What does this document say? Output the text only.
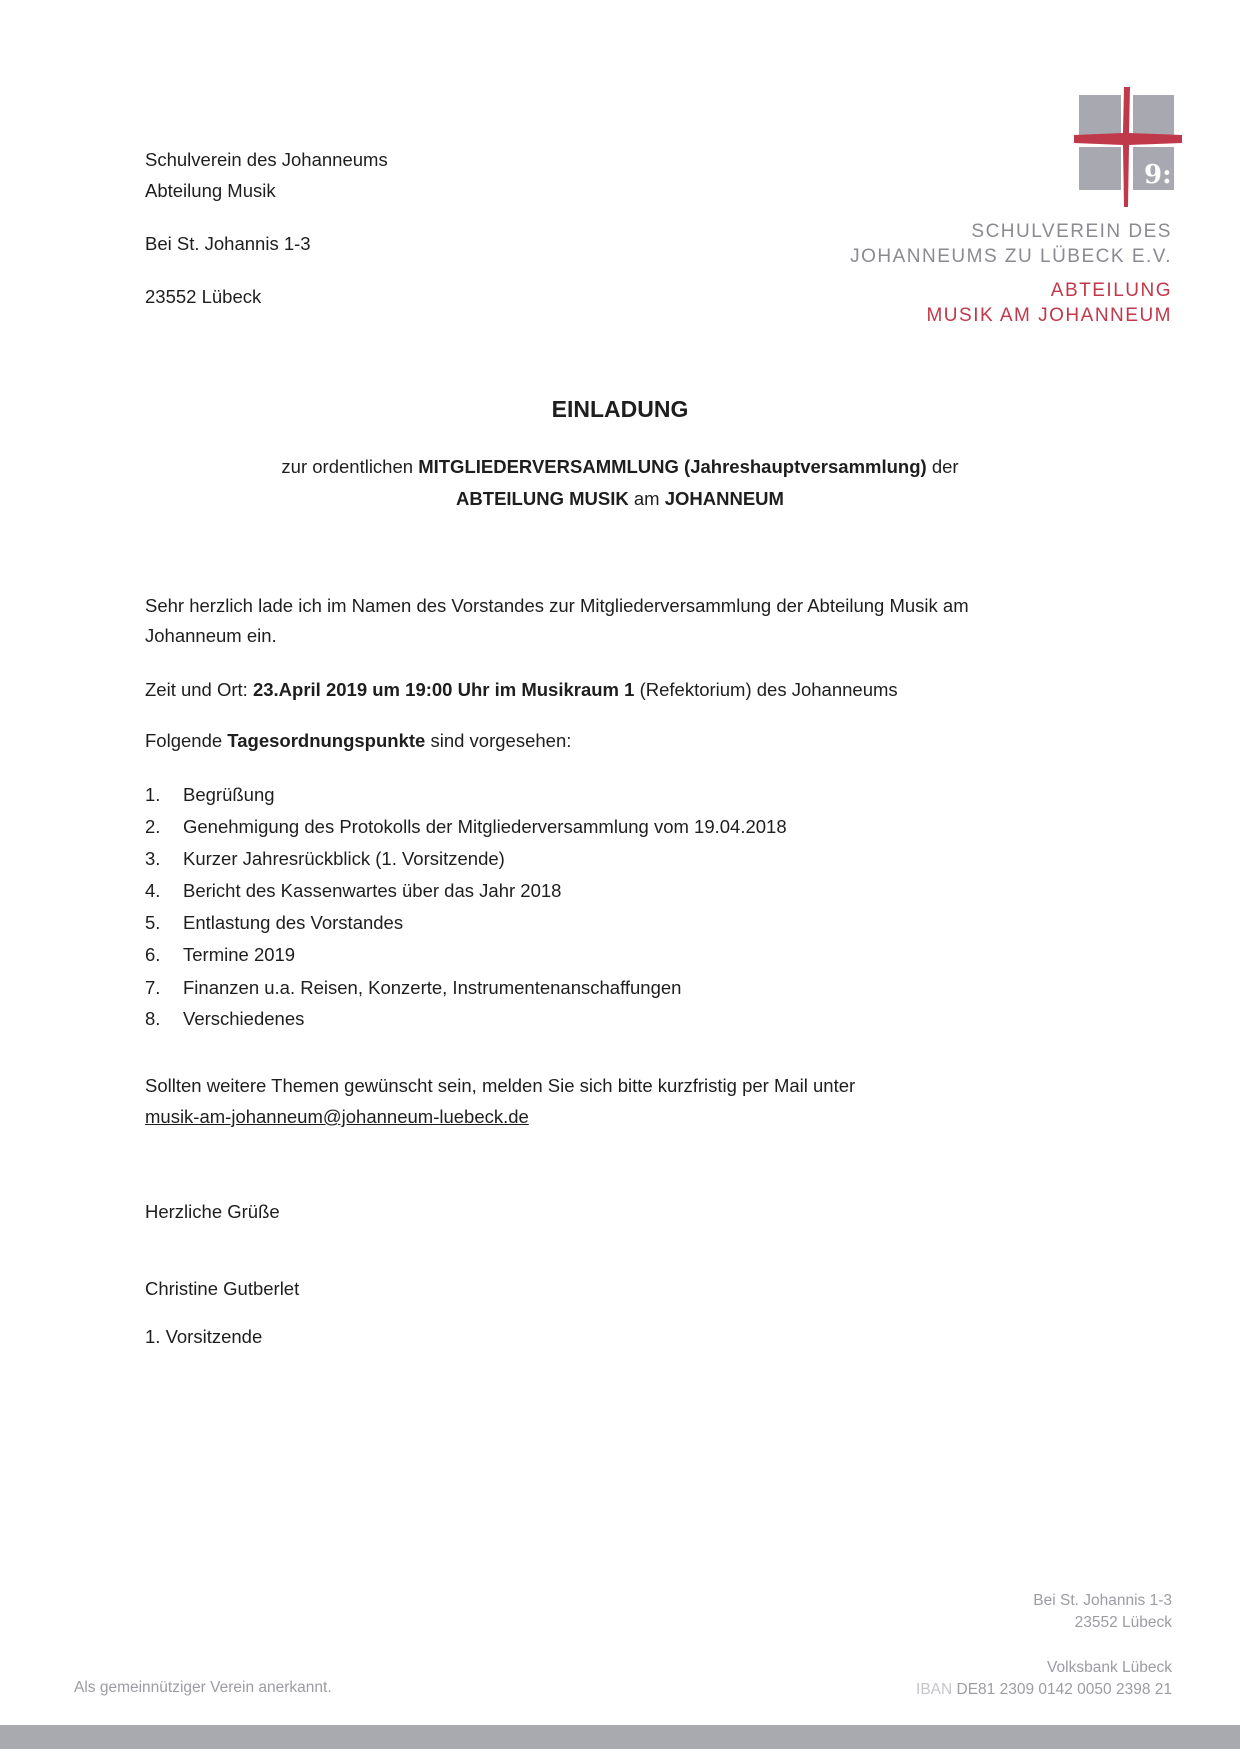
Schulverein des Johanneums
Abteilung Musik
Bei St. Johannis 1-3
23552 Lübeck
9:
SCHULVEREIN DES
JOHANNEUMS ZU LÜBECK E.V.
ABTEILUNG
MUSIK AM JOHANNEUM
EINLADUNG
zur ordentlichen MITGLIEDERVERSAMMLUNG (Jahreshauptversammlung) der
ABTEILUNG MUSIK am JOHANNEUM
Sehr herzlich lade ich im Namen des Vorstandes zur Mitgliederversammlung der Abteilung Musik am
Johanneum ein.
Zeit und Ort: 23.April 2019 um 19:00 Uhr im Musikraum 1 (Refektorium) des Johanneums
Folgende Tagesordnungspunkte sind vorgesehen:
1. Begrüßung
2. Genehmigung des Protokolls der Mitgliederversammlung vom 19.04.2018
3. Kurzer Jahresrückblick (1. Vorsitzende)
4. Bericht des Kassenwartes über das Jahr 2018
5. Entlastung des Vorstandes
6. Termine 2019
7. Finanzen u.a. Reisen, Konzerte, Instrumentenanschaffungen
8. Verschiedenes
Sollten weitere Themen gewünscht sein, melden Sie sich bitte kurzfristig per Mail unter
musik-am-johanneum@johanneum-luebeck.de
Herzliche Grüße
Christine Gutberlet
1. Vorsitzende
Bei St. Johannis 1-3
23552 Lübeck
Volksbank Lübeck
IBAN DE81 2309 0142 0050 2398 21
Als gemeinnütziger Verein anerkannt.
